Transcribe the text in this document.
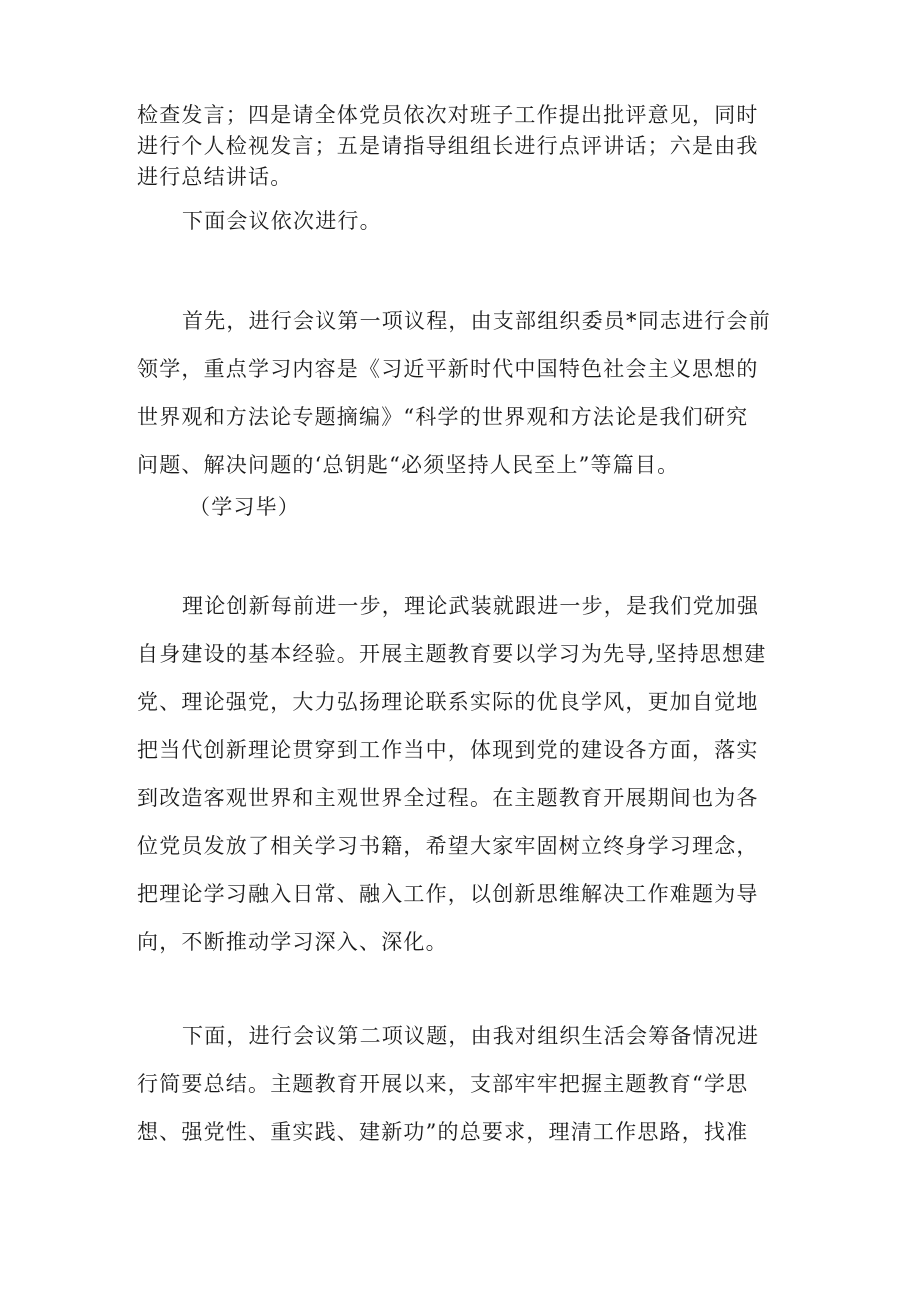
检查发言；四是请全体党员依次对班子工作提出批评意见，同时
进行个人检视发言；五是请指导组组长进行点评讲话；六是由我
进行总结讲话。
下面会议依次进行。
首先，进行会议第一项议程，由支部组织委员*同志进行会前
领学，重点学习内容是《习近平新时代中国特色社会主义思想的
世界观和方法论专题摘编》“科学的世界观和方法论是我们研究
问题、解决问题的‘总钥匙“必须坚持人民至上”等篇目。
（学习毕）
理论创新每前进一步，理论武装就跟进一步，是我们党加强
自身建设的基本经验。开展主题教育要以学习为先导,坚持思想建
党、理论强党，大力弘扬理论联系实际的优良学风，更加自觉地
把当代创新理论贯穿到工作当中，体现到党的建设各方面，落实
到改造客观世界和主观世界全过程。在主题教育开展期间也为各
位党员发放了相关学习书籍，希望大家牢固树立终身学习理念，
把理论学习融入日常、融入工作，以创新思维解决工作难题为导
向，不断推动学习深入、深化。
下面，进行会议第二项议题，由我对组织生活会筹备情况进
行简要总结。主题教育开展以来，支部牢牢把握主题教育“学思
想、强党性、重实践、建新功”的总要求，理清工作思路，找准
